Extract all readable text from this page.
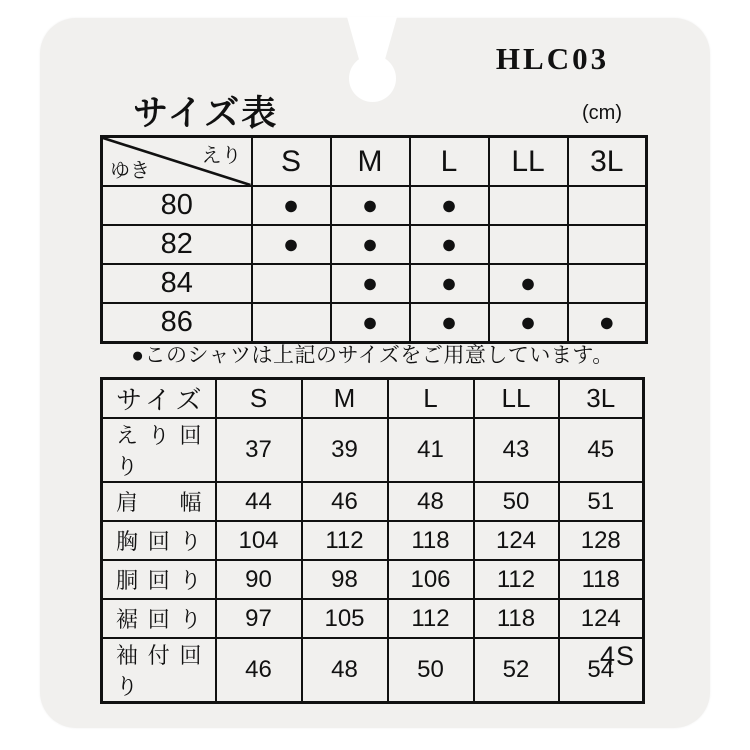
HLC03
サイズ表	(cm)
えり
ゆき	S	M	L	LL	3L
80	●	●	●		
82	●	●	●		
84		●	●	●	
86		●	●	●	●
●このシャツは上記のサイズをご用意しています。
サイズ	S	M	L	LL	3L

えり回り	37	39	41	43	45

肩幅	44	46	48	50	51

胸回り	104	112	118	124	128

胴回り	90	98	106	112	118

裾回り	97	105	112	118	124

袖付回り	46	48	50	52	54
4S
